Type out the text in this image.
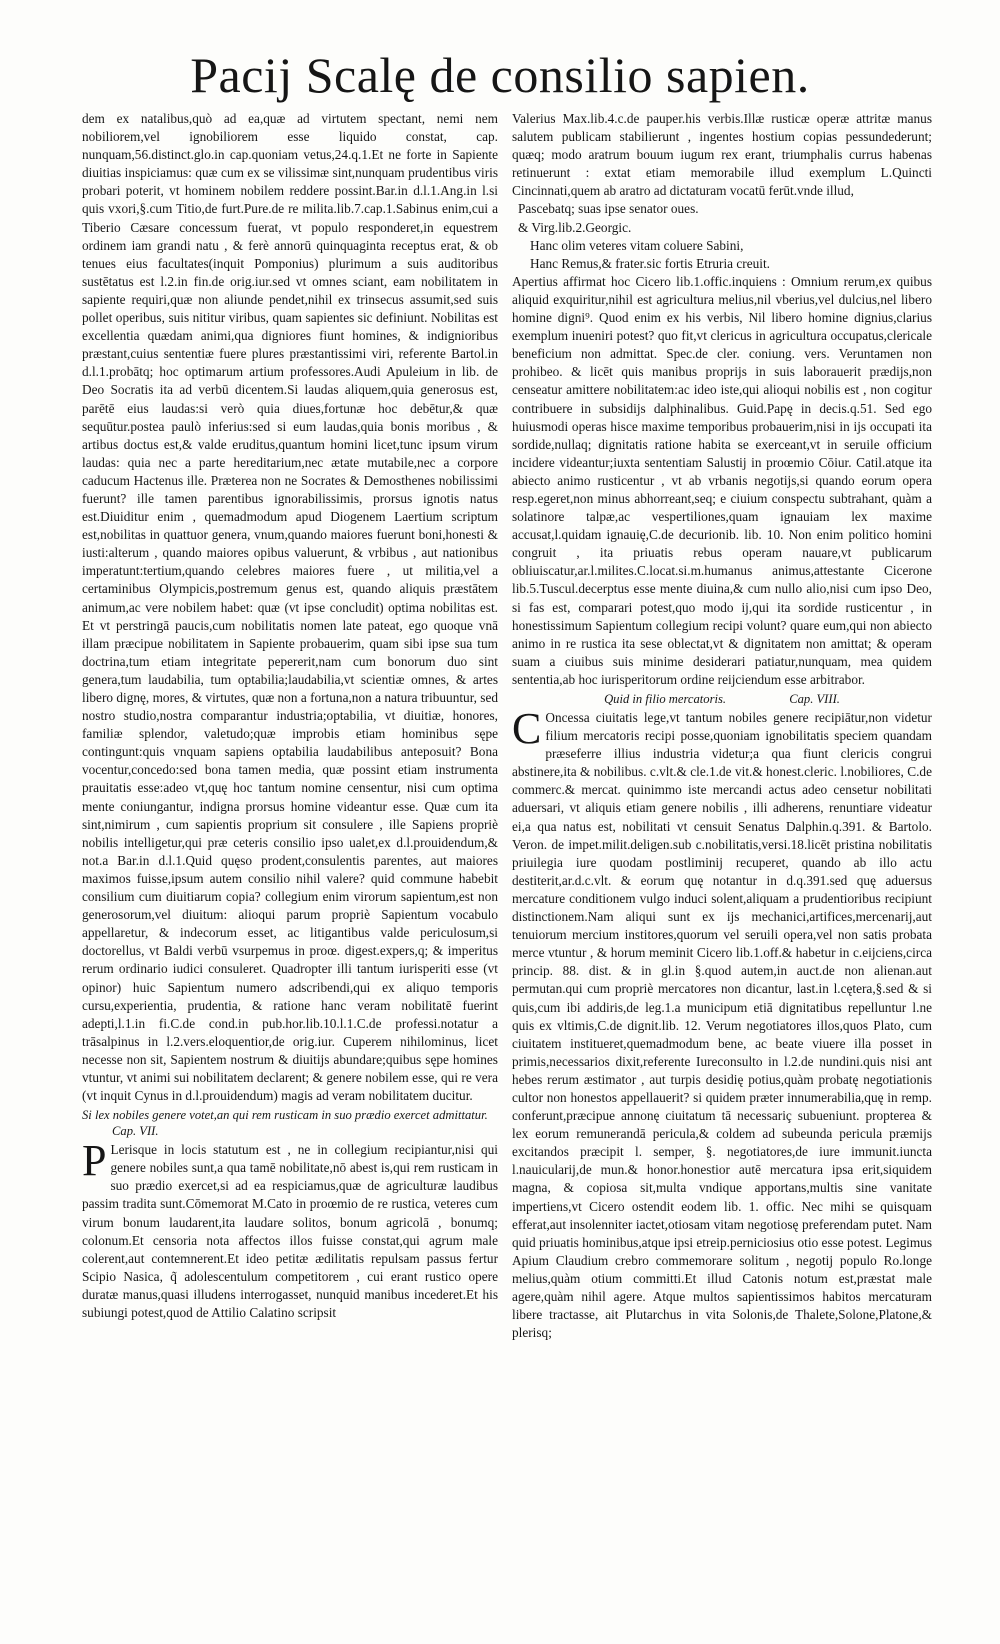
Pacij Scalę de consilio sapien.

dem ex natalibus,quò ad ea,quæ ad virtutem spectant, nemi nem nobiliorem,vel ignobiliorem esse liquido constat, cap. nunquam,56.distinct.glo.in cap.quoniam vetus,24.q.1.Et ne forte in Sapiente diuitias inspiciamus: quæ cum ex se vilissimæ sint,nunquam prudentibus viris probari poterit, vt hominem nobilem reddere possint.Bar.in d.l.1.Ang.in l.si quis vxori,§.cum Titio,de furt.Pure.de re milita.lib.7.cap.1.Sabinus enim,cui a Tiberio Cæsare concessum fuerat, vt populo responderet,in equestrem ordinem iam grandi natu , & ferè annorū quinquaginta receptus erat, & ob tenues eius facultates(inquit Pomponius) plurimum a suis auditoribus sustētatus est l.2.in fin.de orig.iur.sed vt omnes sciant, eam nobilitatem in sapiente requiri,quæ non aliunde pendet,nihil ex trinsecus assumit,sed suis pollet operibus, suis nititur viribus, quam sapientes sic definiunt. Nobilitas est excellentia quædam animi,qua digniores fiunt homines, & indignioribus præstant,cuius sententiæ fuere plures præstantissimi viri, referente Bartol.in d.l.1.probātq; hoc optimarum artium professores.Audi Apuleium in lib. de Deo Socratis ita ad verbū dicentem.Si laudas aliquem,quia generosus est, parētē eius laudas:si verò quia diues,fortunæ hoc debētur,& quæ sequūtur.postea paulò inferius:sed si eum laudas,quia bonis moribus , & artibus doctus est,& valde eruditus,quantum homini licet,tunc ipsum virum laudas: quia nec a parte hereditarium,nec ætate mutabile,nec a corpore caducum Hactenus ille. Præterea non ne Socrates & Demosthenes nobilissimi fuerunt? ille tamen parentibus ignorabilissimis, prorsus ignotis natus est.Diuiditur enim , quemadmodum apud Diogenem Laertium scriptum est,nobilitas in quattuor genera, vnum,quando maiores fuerunt boni,honesti & iusti:alterum , quando maiores opibus valuerunt, & vrbibus , aut nationibus imperatunt:tertium,quando celebres maiores fuere , ut militia,vel a certaminibus Olympicis,postremum genus est, quando aliquis præstātem animum,ac vere nobilem habet: quæ (vt ipse concludit) optima nobilitas est. Et vt perstringā paucis,cum nobilitatis nomen late pateat, ego quoque vnā illam præcipue nobilitatem in Sapiente probauerim, quam sibi ipse sua tum doctrina,tum etiam integritate pepererit,nam cum bonorum duo sint genera,tum laudabilia, tum optabilia;laudabilia,vt scientiæ omnes, & artes libero dignę, mores, & virtutes, quæ non a fortuna,non a natura tribuuntur, sed nostro studio,nostra comparantur industria;optabilia, vt diuitiæ, honores, familiæ splendor, valetudo;quæ improbis etiam hominibus sępe contingunt:quis vnquam sapiens optabilia laudabilibus anteposuit? Bona vocentur,concedo:sed bona tamen media, quæ possint etiam instrumenta prauitatis esse:adeo vt,quę hoc tantum nomine censentur, nisi cum optima mente coniungantur, indigna prorsus homine videantur esse. Quæ cum ita sint,nimirum , cum sapientis proprium sit consulere , ille Sapiens propriè nobilis intelligetur,qui præ ceteris consilio ipso ualet,ex d.l.prouidendum,& not.a Bar.in d.l.1.Quid quęso prodent,consulentis parentes, aut maiores maximos fuisse,ipsum autem consilio nihil valere? quid commune habebit consilium cum diuitiarum copia? collegium enim virorum sapientum,est non generosorum,vel diuitum: alioqui parum propriè Sapientum vocabulo appellaretur, & indecorum esset, ac litigantibus valde periculosum,si doctorellus, vt Baldi verbū vsurpemus in proœ. digest.expers,q; & imperitus rerum ordinario iudici consuleret. Quadropter illi tantum iurisperiti esse (vt opinor) huic Sapientum numero adscribendi,qui ex aliquo temporis cursu,experientia, prudentia, & ratione hanc veram nobilitatē fuerint adepti,l.1.in fi.C.de cond.in pub.hor.lib.10.l.1.C.de professi.notatur a trāsalpinus in l.2.vers.eloquentior,de orig.iur. Cuperem nihilominus, licet necesse non sit, Sapientem nostrum & diuitijs abundare;quibus sępe homines vtuntur, vt animi sui nobilitatem declarent; & genere nobilem esse, qui re vera (vt inquit Cynus in d.l.prouidendum) magis ad veram nobilitatem ducitur.

Si lex nobiles genere votet,an qui rem rusticam in suo prædio exercet admittatur. Cap. VII.

P Lerisque in locis statutum est , ne in collegium recipiantur,nisi qui genere nobiles sunt,a qua tamē nobilitate,nō abest is,qui rem rusticam in suo prædio exercet,si ad ea respiciamus,quæ de agriculturæ laudibus passim tradita sunt.Cōmemorat M.Cato in proœmio de re rustica, veteres cum virum bonum laudarent,ita laudare solitos, bonum agricolā , bonumq; colonum.Et censoria nota affectos illos fuisse constat,qui agrum male colerent,aut contemnerent.Et ideo petitæ ædilitatis repulsam passus fertur Scipio Nasica, q̃ adolescentulum competitorem , cui erant rustico opere duratæ manus,quasi illudens interrogasset, nunquid manibus incederet.Et his subiungi potest,quod de Attilio Calatino scripsit

Valerius Max.lib.4.c.de pauper.his verbis.Illæ rusticæ operæ attritæ manus salutem publicam stabilierunt , ingentes hostium copias pessundederunt; quæq; modo aratrum bouum iugum rex erant, triumphalis currus habenas retinuerunt : extat etiam memorabile illud exemplum L.Quincti Cincinnati,quem ab aratro ad dictaturam vocatū ferūt.vnde illud,

Pascebatq; suas ipse senator oues.
& Virg.lib.2.Georgic.
Hanc olim veteres vitam coluere Sabini,
Hanc Remus,& frater.sic fortis Etruria creuit.

Apertius affirmat hoc Cicero lib.1.offic.inquiens : Omnium rerum,ex quibus aliquid exquiritur,nihil est agricultura melius,nil vberius,vel dulcius,nel libero homine digni⁹. Quod enim ex his verbis, Nil libero homine dignius,clarius exemplum inueniri potest? quo fit,vt clericus in agricultura occupatus,clericale beneficium non admittat. Spec.de cler. coniung. vers. Veruntamen non prohibeo. & licēt quis manibus proprijs in suis laborauerit prædijs,non censeatur amittere nobilitatem:ac ideo iste,qui alioqui nobilis est , non cogitur contribuere in subsidijs dalphinalibus. Guid.Papę in decis.q.51. Sed ego huiusmodi operas hisce maxime temporibus probauerim,nisi in ijs occupati ita sordide,nullaq; dignitatis ratione habita se exerceant,vt in seruile officium incidere videantur;iuxta sententiam Salustij in proœmio Cōiur. Catil.atque ita abiecto animo rusticentur , vt ab vrbanis negotijs,si quando eorum opera resp.egeret,non minus abhorreant,seq; e ciuium conspectu subtrahant, quàm a solatinore talpæ,ac vespertiliones,quam ignauiam lex maxime accusat,l.quidam ignauię,C.de decurionib. lib. 10. Non enim politico homini congruit , ita priuatis rebus operam nauare,vt publicarum obliuiscatur,ar.l.milites.C.locat.si.m.humanus animus,attestante Cicerone lib.5.Tuscul.decerptus esse mente diuina,& cum nullo alio,nisi cum ipso Deo, si fas est, comparari potest,quo modo ij,qui ita sordide rusticentur , in honestissimum Sapientum collegium recipi volunt? quare eum,qui non abiecto animo in re rustica ita sese oblectat,vt & dignitatem non amittat; & operam suam a ciuibus suis minime desiderari patiatur,nunquam, mea quidem sententia,ab hoc iurisperitorum ordine reijciendum esse arbitrabor.

Quid in filio mercatoris.	Cap. VIII.

C Oncessa ciuitatis lege,vt tantum nobiles genere recipiātur,non videtur filium mercatoris recipi posse,quoniam ignobilitatis speciem quandam præseferre illius industria videtur;a qua fiunt clericis congrui abstinere,ita & nobilibus. c.vlt.& cle.1.de vit.& honest.cleric. l.nobiliores, C.de commerc.& mercat. quinimmo iste mercandi actus adeo censetur nobilitati aduersari, vt aliquis etiam genere nobilis , illi adherens, renuntiare videatur ei,a qua natus est, nobilitati vt censuit Senatus Dalphin.q.391. & Bartolo. Veron. de impet.milit.deligen.sub c.nobilitatis,versi.18.licēt pristina nobilitatis priuilegia iure quodam postliminij recuperet, quando ab illo actu destiterit,ar.d.c.vlt. & eorum quę notantur in d.q.391.sed quę aduersus mercature conditionem vulgo induci solent,aliquam a prudentioribus recipiunt distinctionem.Nam aliqui sunt ex ijs mechanici,artifices,mercenarij,aut tenuiorum mercium institores,quorum vel seruili opera,vel non satis probata merce vtuntur , & horum meminit Cicero lib.1.off.& habetur in c.eijciens,circa princip. 88. dist. & in gl.in §.quod autem,in auct.de non alienan.aut permutan.qui cum propriè mercatores non dicantur, last.in l.cętera,§.sed & si quis,cum ibi addiris,de leg.1.a municipum etiā dignitatibus repelluntur l.ne quis ex vltimis,C.de dignit.lib. 12. Verum negotiatores illos,quos Plato, cum ciuitatem institueret,quemadmodum bene, ac beate viuere illa posset in primis,necessarios dixit,referente Iureconsulto in l.2.de nundini.quis nisi ant hebes rerum æstimator , aut turpis desidię potius,quàm probatę negotiationis cultor non honestos appellauerit? si quidem præter innumerabilia,quę in remp. conferunt,præcipue annonę ciuitatum tā necessariç subueniunt. propterea & lex eorum remunerandā pericula,& coldem ad subeunda pericula præmijs excitandos præcipit l. semper, §. negotiatores,de iure immunit.iuncta l.nauicularij,de mun.& honor.honestior autē mercatura ipsa erit,siquidem magna, & copiosa sit,multa vndique apportans,multis sine vanitate impertiens,vt Cicero ostendit eodem lib. 1. offic. Nec mihi se quisquam efferat,aut insolenniter iactet,otiosam vitam negotiosę preferendam putet. Nam quid priuatis hominibus,atque ipsi etreip.perniciosius otio esse potest. Legimus Apium Claudium crebro commemorare solitum , negotij populo Ro.longe melius,quàm otium committi.Et illud Catonis notum est,præstat male agere,quàm nihil agere. Atque multos sapientissimos habitos mercaturam libere tractasse, ait Plutarchus in vita Solonis,de Thalete,Solone,Platone,& plerisq;
